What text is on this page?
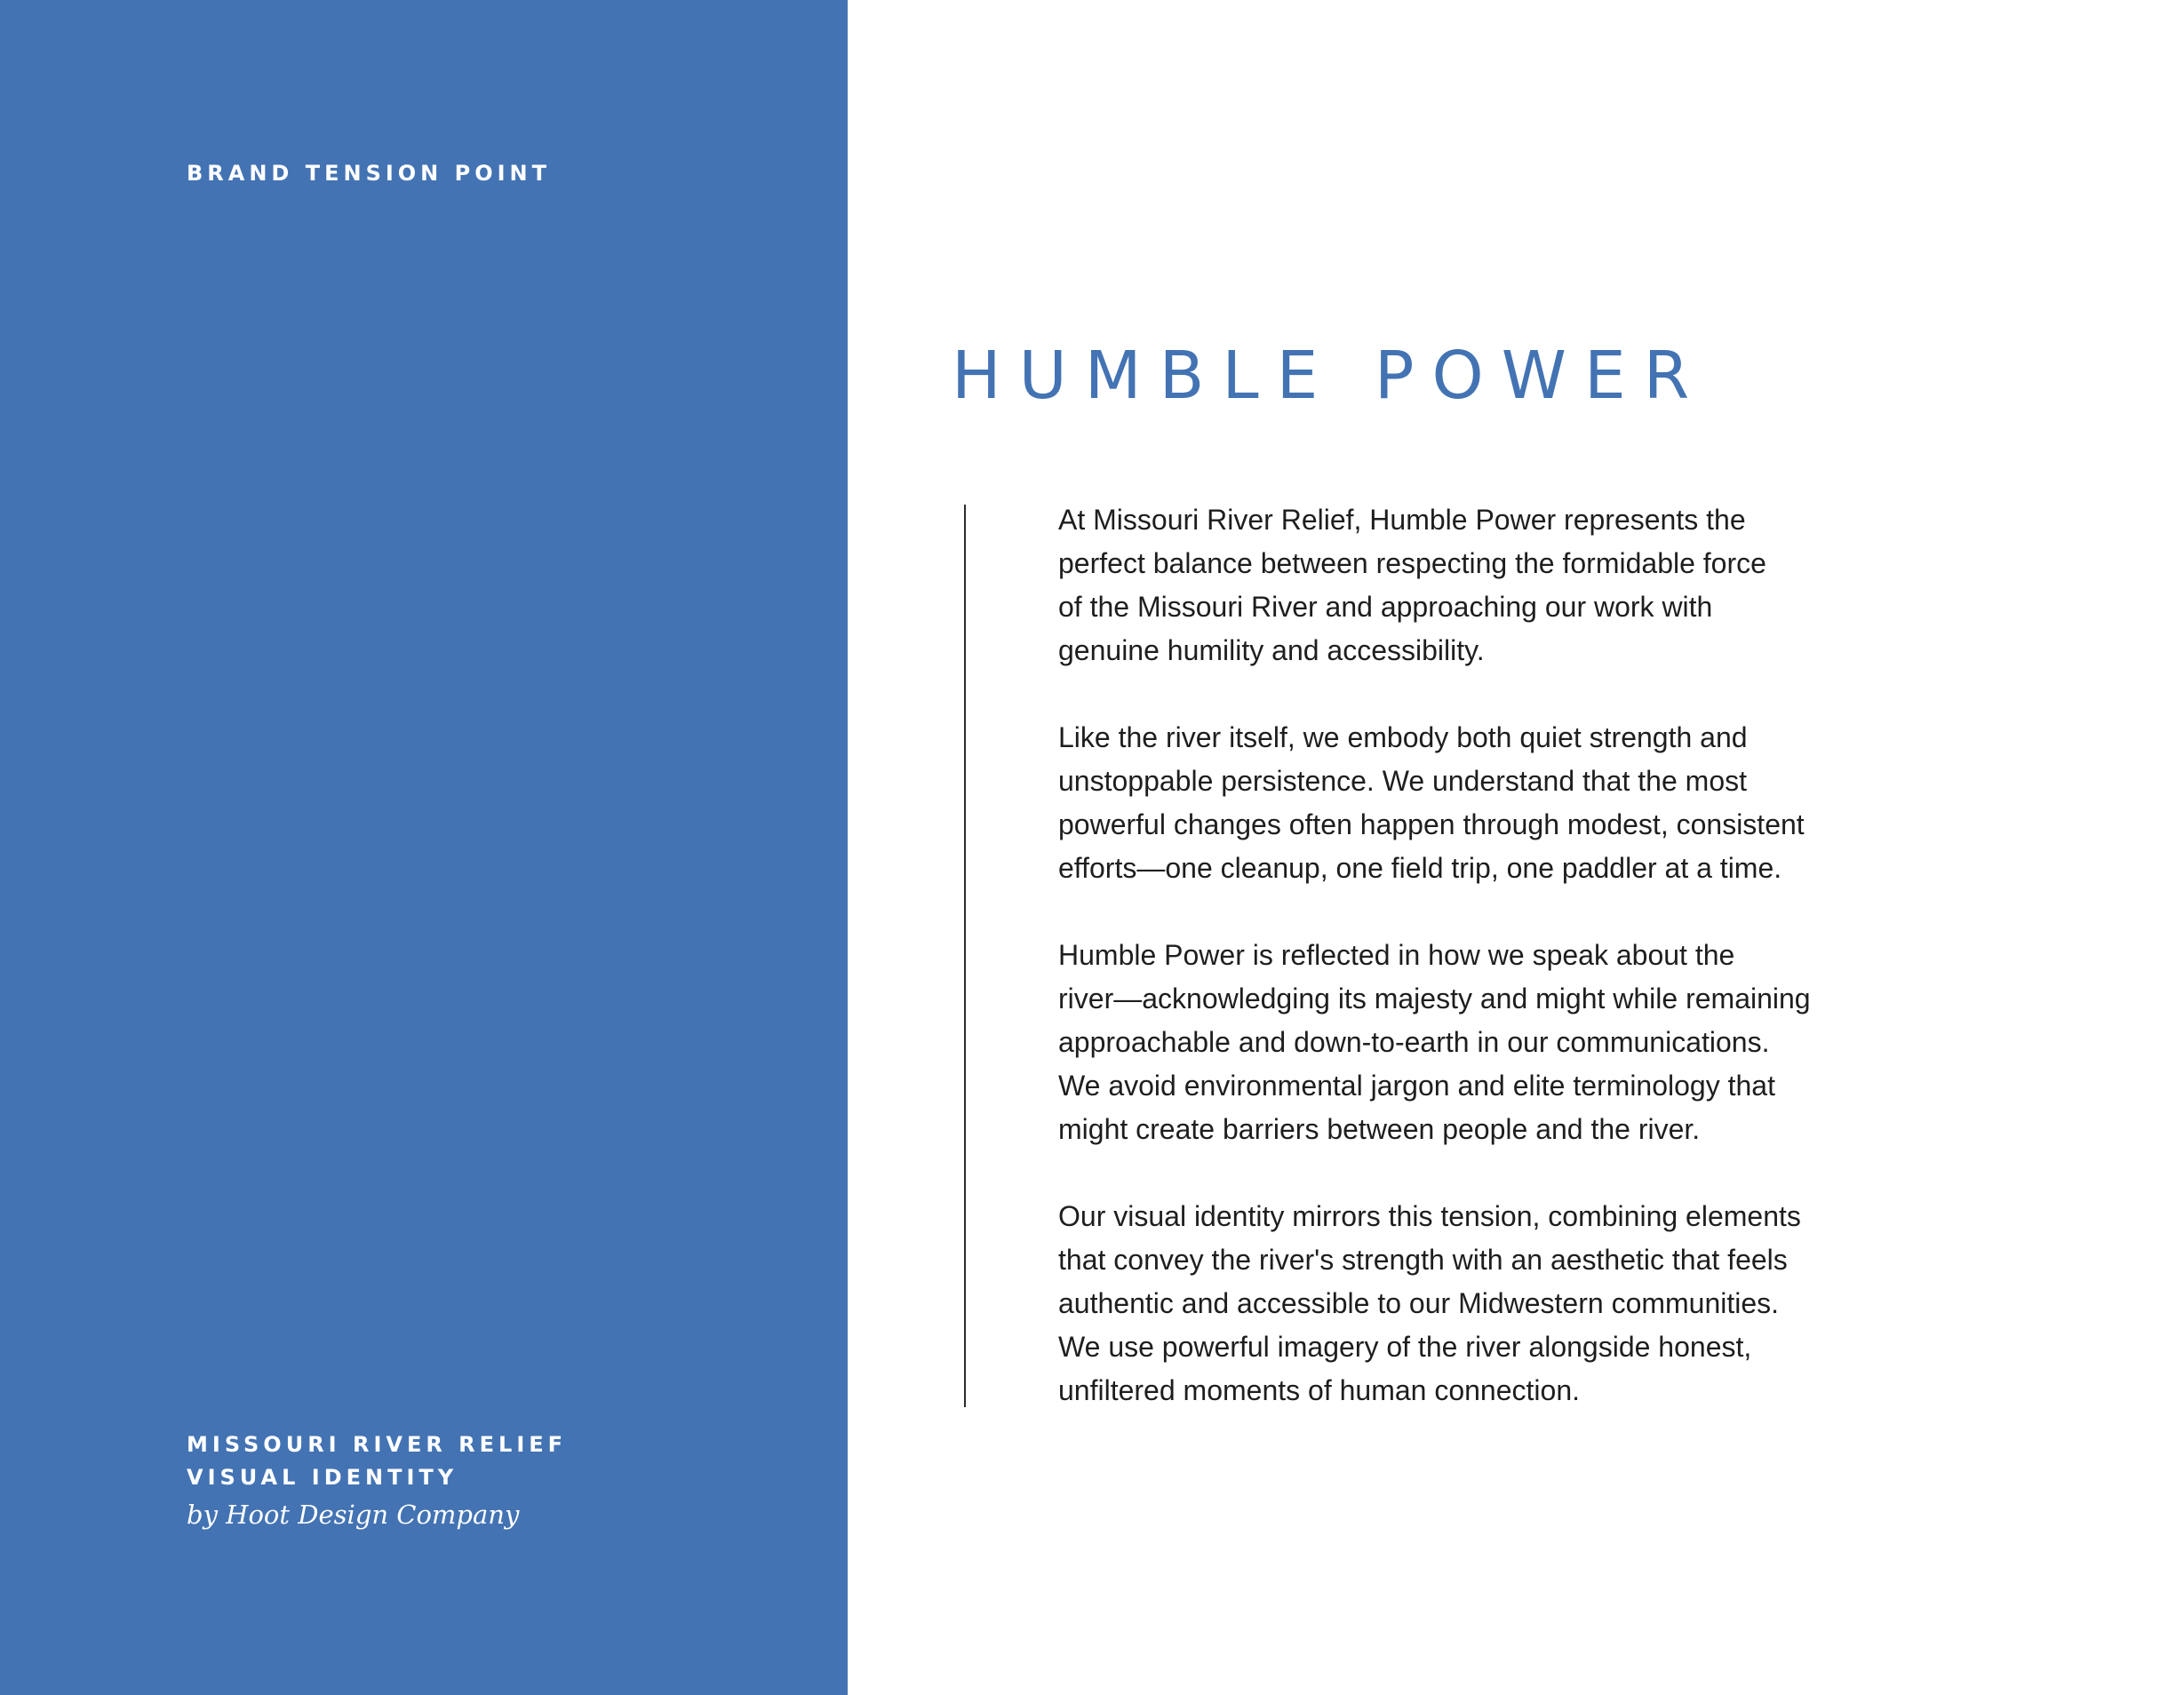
BRAND TENSION POINT
MISSOURI RIVER RELIEF
VISUAL IDENTITY
by Hoot Design Company
HUMBLE POWER

At Missouri River Relief, Humble Power represents the
perfect balance between respecting the formidable force
of the Missouri River and approaching our work with
genuine humility and accessibility.

Like the river itself, we embody both quiet strength and
unstoppable persistence. We understand that the most
powerful changes often happen through modest, consistent
efforts—one cleanup, one field trip, one paddler at a time.

Humble Power is reflected in how we speak about the
river—acknowledging its majesty and might while remaining
approachable and down-to-earth in our communications.
We avoid environmental jargon and elite terminology that
might create barriers between people and the river.

Our visual identity mirrors this tension, combining elements
that convey the river's strength with an aesthetic that feels
authentic and accessible to our Midwestern communities.
We use powerful imagery of the river alongside honest,
unfiltered moments of human connection.
